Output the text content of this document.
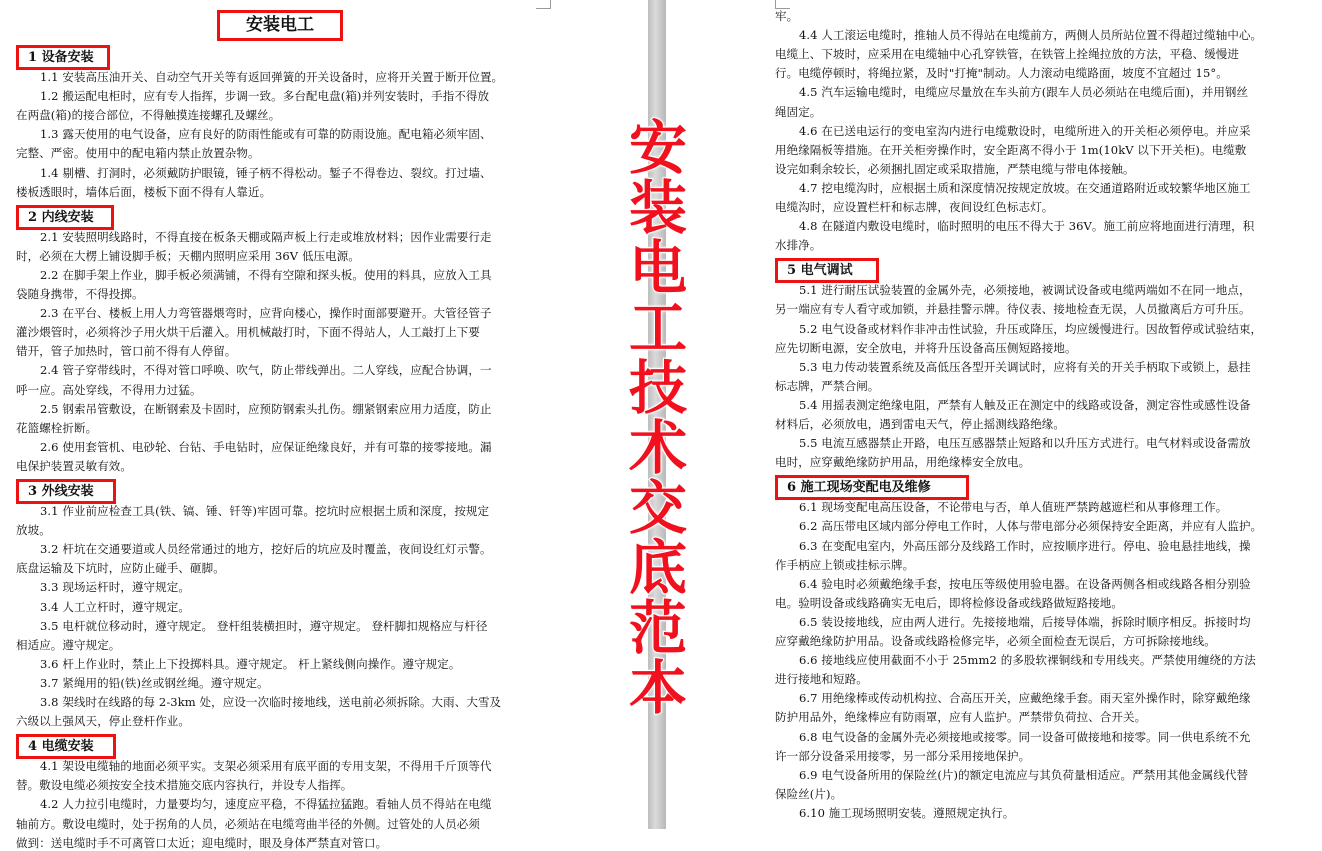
安装电工
1 设备安装
1.1 安装高压油开关、自动空气开关等有返回弹簧的开关设备时，应将开关置于断开位置。
1.2 搬运配电柜时，应有专人指挥，步调一致。多台配电盘(箱)并列安装时，手指不得放
在两盘(箱)的接合部位，不得触摸连接螺孔及螺丝。
1.3 露天使用的电气设备，应有良好的防雨性能或有可靠的防雨设施。配电箱必须牢固、
完整、严密。使用中的配电箱内禁止放置杂物。
1.4 剔槽、打洞时，必须戴防护眼镜，锤子柄不得松动。錾子不得卷边、裂纹。打过墙、
楼板透眼时，墙体后面，楼板下面不得有人靠近。
2 内线安装
2.1 安装照明线路时，不得直接在板条天棚或隔声板上行走或堆放材料；因作业需要行走
时，必须在大楞上铺设脚手板；天棚内照明应采用 36V 低压电源。
2.2 在脚手架上作业，脚手板必须满铺，不得有空隙和探头板。使用的料具，应放入工具
袋随身携带，不得投掷。
2.3 在平台、楼板上用人力弯管器煨弯时，应背向楼心，操作时面部要避开。大管径管子
灌沙煨管时，必须将沙子用火烘干后灌入。用机械敲打时，下面不得站人，人工敲打上下要
错开，管子加热时，管口前不得有人停留。
2.4 管子穿带线时，不得对管口呼唤、吹气，防止带线弹出。二人穿线，应配合协调，一
呼一应。高处穿线，不得用力过猛。
2.5 钢索吊管敷设，在断钢索及卡固时，应预防钢索头扎伤。绷紧钢索应用力适度，防止
花篮螺栓折断。
2.6 使用套管机、电砂轮、台钻、手电钻时，应保证绝缘良好，并有可靠的接零接地。漏
电保护装置灵敏有效。
3 外线安装
3.1 作业前应检查工具(铁、镐、锤、钎等)牢固可靠。挖坑时应根据土质和深度，按规定
放坡。
3.2 杆坑在交通要道或人员经常通过的地方，挖好后的坑应及时覆盖，夜间设红灯示警。
底盘运输及下坑时，应防止碰手、砸脚。
3.3 现场运杆时，遵守规定。
3.4 人工立杆时，遵守规定。
3.5 电杆就位移动时，遵守规定。 登杆组装横担时，遵守规定。 登杆脚扣规格应与杆径
相适应。遵守规定。
3.6 杆上作业时，禁止上下投掷料具。遵守规定。 杆上紧线侧向操作。遵守规定。
3.7 紧绳用的铅(铁)丝或钢丝绳。遵守规定。
3.8 架线时在线路的每 2-3km 处，应设一次临时接地线，送电前必须拆除。大雨、大雪及
六级以上强风天，停止登杆作业。
4 电缆安装
4.1 架设电缆轴的地面必须平实。支架必须采用有底平面的专用支架，不得用千斤顶等代
替。敷设电缆必须按安全技术措施交底内容执行，并设专人指挥。
4.2 人力拉引电缆时，力量要均匀，速度应平稳，不得猛拉猛跑。看轴人员不得站在电缆
轴前方。敷设电缆时，处于拐角的人员，必须站在电缆弯曲半径的外侧。过管处的人员必须
做到：送电缆时手不可离管口太近；迎电缆时，眼及身体严禁直对管口。
牢。
4.4 人工滚运电缆时，推轴人员不得站在电缆前方，两侧人员所站位置不得超过缆轴中心。
电缆上、下坡时，应采用在电缆轴中心孔穿铁管，在铁管上拴绳拉放的方法，平稳、缓慢进
行。电缆停顿时，将绳拉紧，及时"打掩"制动。人力滚动电缆路面，坡度不宜超过 15°。
4.5 汽车运输电缆时，电缆应尽量放在车头前方(跟车人员必须站在电缆后面)，并用钢丝
绳固定。
4.6 在已送电运行的变电室沟内进行电缆敷设时，电缆所进入的开关柜必须停电。并应采
用绝缘隔板等措施。在开关柜旁操作时，安全距离不得小于 1m(10kV 以下开关柜)。电缆敷
设完如剩余较长，必须捆扎固定或采取措施，严禁电缆与带电体接触。
4.7 挖电缆沟时，应根据土质和深度情况按规定放坡。在交通道路附近或较繁华地区施工
电缆沟时，应设置栏杆和标志牌，夜间设红色标志灯。
4.8 在隧道内敷设电缆时，临时照明的电压不得大于 36V。施工前应将地面进行清理，积
水排净。
5 电气调试
5.1 进行耐压试验装置的金属外壳，必须接地，被调试设备或电缆两端如不在同一地点，
另一端应有专人看守或加锁，并悬挂警示牌。待仪表、接地检查无误，人员撤离后方可升压。
5.2 电气设备或材料作非冲击性试验，升压或降压，均应缓慢进行。因故暂停或试验结束，
应先切断电源，安全放电，并将升压设备高压侧短路接地。
5.3 电力传动装置系统及高低压各型开关调试时，应将有关的开关手柄取下或锁上，悬挂
标志牌，严禁合闸。
5.4 用摇表测定绝缘电阻，严禁有人触及正在测定中的线路或设备，测定容性或感性设备
材料后，必须放电，遇到雷电天气，停止摇测线路绝缘。
5.5 电流互感器禁止开路，电压互感器禁止短路和以升压方式进行。电气材料或设备需放
电时，应穿戴绝缘防护用品，用绝缘棒安全放电。
6 施工现场变配电及维修
6.1 现场变配电高压设备，不论带电与否，单人值班严禁跨越遮栏和从事修理工作。
6.2 高压带电区域内部分停电工作时，人体与带电部分必须保持安全距离，并应有人监护。
6.3 在变配电室内，外高压部分及线路工作时，应按顺序进行。停电、验电悬挂地线，操
作手柄应上锁或挂标示牌。
6.4 验电时必须戴绝缘手套，按电压等级使用验电器。在设备两侧各相或线路各相分别验
电。验明设备或线路确实无电后，即将检修设备或线路做短路接地。
6.5 装设接地线，应由两人进行。先接接地端，后接导体端，拆除时顺序相反。拆接时均
应穿戴绝缘防护用品。设备或线路检修完毕，必须全面检查无误后，方可拆除接地线。
6.6 接地线应使用截面不小于 25mm2 的多股软裸铜线和专用线夹。严禁使用缠绕的方法
进行接地和短路。
6.7 用绝缘棒或传动机构拉、合高压开关，应戴绝缘手套。雨天室外操作时，除穿戴绝缘
防护用品外，绝缘棒应有防雨罩，应有人监护。严禁带负荷拉、合开关。
6.8 电气设备的金属外壳必须接地或接零。同一设备可做接地和接零。同一供电系统不允
许一部分设备采用接零，另一部分采用接地保护。
6.9 电气设备所用的保险丝(片)的额定电流应与其负荷量相适应。严禁用其他金属线代替
保险丝(片)。
6.10 施工现场照明安装。遵照规定执行。
安
装
电
工
技
术
交
底
范
本
